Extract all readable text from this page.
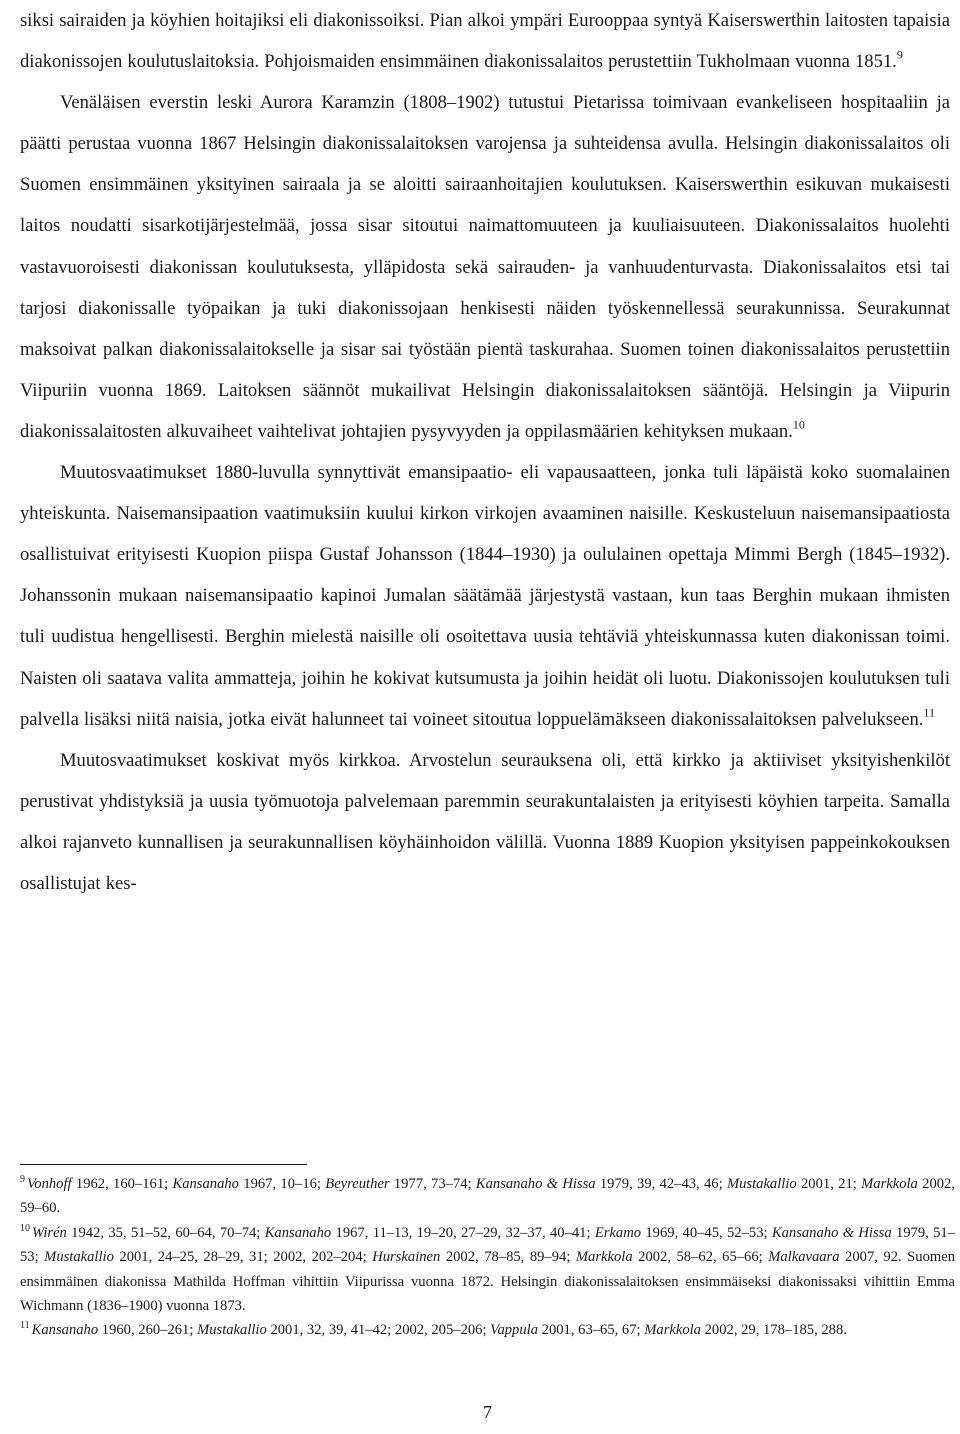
siksi sairaiden ja köyhien hoitajiksi eli diakonissoiksi. Pian alkoi ympäri Eurooppaa syntyä Kaiserswerthin laitosten tapaisia diakonissojen koulutuslaitoksia. Pohjoismaiden ensimmäinen diakonissalaitos perustettiin Tukholmaan vuonna 1851.$^9$

Venäläisen everstin leski Aurora Karamzin (1808–1902) tutustui Pietarissa toimivaan evankeliseen hospitaaliin ja päätti perustaa vuonna 1867 Helsingin diakonissalaitoksen varojensa ja suhteidensa avulla. Helsingin diakonissalaitos oli Suomen ensimmäinen yksityinen sairaala ja se aloitti sairaanhoitajien koulutuksen. Kaiserswerthin esikuvan mukaisesti laitos noudatti sisarkotijärjestelmää, jossa sisar sitoutui naimattomuuteen ja kuuliaisuuteen. Diakonissalaitos huolehti vastavuoroisesti diakonissan koulutuksesta, ylläpidosta sekä sairauden- ja vanhuudenturvasta. Diakonissalaitos etsi tai tarjosi diakonissalle työpaikan ja tuki diakonissojaan henkisesti näiden työskennellessä seurakunnissa. Seurakunnat maksoivat palkan diakonissalaitokselle ja sisar sai työstään pientä taskurahaa. Suomen toinen diakonissalaitos perustettiin Viipuriin vuonna 1869. Laitoksen säännöt mukailivat Helsingin diakonissalaitoksen sääntöjä. Helsingin ja Viipurin diakonissalaitosten alkuvaiheet vaihtelivat johtajien pysyvyyden ja oppilasmäärien kehityksen mukaan.$^{10}$

Muutosvaatimukset 1880-luvulla synnyttivät emansipaatio- eli vapausaatteen, jonka tuli läpäistä koko suomalainen yhteiskunta. Naisemansipaation vaatimuksiin kuului kirkon virkojen avaaminen naisille. Keskusteluun naisemansipaatiosta osallistuivat erityisesti Kuopion piispa Gustaf Johansson (1844–1930) ja oululainen opettaja Mimmi Bergh (1845–1932). Johanssonin mukaan naisemansipaatio kapinoi Jumalan säätämää järjestystä vastaan, kun taas Berghin mukaan ihmisten tuli uudistua hengellisesti. Berghin mielestä naisille oli osoitettava uusia tehtäviä yhteiskunnassa kuten diakonissan toimi. Naisten oli saatava valita ammatteja, joihin he kokivat kutsumusta ja joihin heidät oli luotu. Diakonissojen koulutuksen tuli palvella lisäksi niitä naisia, jotka eivät halunneet tai voineet sitoutua loppuelämäkseen diakonissalaitoksen palvelukseen.$^{11}$

Muutosvaatimukset koskivat myös kirkkoa. Arvostelun seurauksena oli, että kirkko ja aktiiviset yksityishenkilöt perustivat yhdistyksiä ja uusia työmuotoja palvelemaan paremmin seurakuntalaisten ja erityisesti köyhien tarpeita. Samalla alkoi rajanveto kunnallisen ja seurakunnallisen köyhäinhoidon välillä. Vuonna 1889 Kuopion yksityisen pappeinkokouksen osallistujat kes-

$^9$ Vonhoff 1962, 160–161; Kansanaho 1967, 10–16; Beyreuther 1977, 73–74; Kansanaho & Hissa 1979, 39, 42–43, 46; Mustakallio 2001, 21; Markkola 2002, 59–60.

$^{10}$ Wirén 1942, 35, 51–52, 60–64, 70–74; Kansanaho 1967, 11–13, 19–20, 27–29, 32–37, 40–41; Erkamo 1969, 40–45, 52–53; Kansanaho & Hissa 1979, 51–53; Mustakallio 2001, 24–25, 28–29, 31; 2002, 202–204; Hurskainen 2002, 78–85, 89–94; Markkola 2002, 58–62, 65–66; Malkavaara 2007, 92. Suomen ensimmäinen diakonissa Mathilda Hoffman vihittiin Viipurissa vuonna 1872. Helsingin diakonissalaitoksen ensimmäiseksi diakonissaksi vihittiin Emma Wichmann (1836–1900) vuonna 1873.

$^{11}$ Kansanaho 1960, 260–261; Mustakallio 2001, 32, 39, 41–42; 2002, 205–206; Vappula 2001, 63–65, 67; Markkola 2002, 29, 178–185, 288.

7
